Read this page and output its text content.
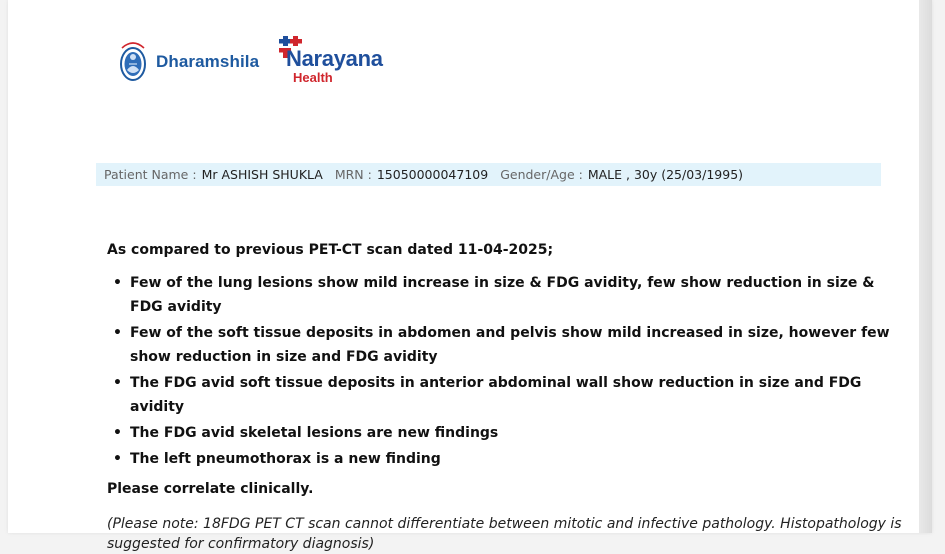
Dharamshila Narayana
Health
Patient Name : Mr ASHISH SHUKLA MRN : 15050000047109 Gender/Age : MALE , 30y (25/03/1995)
As compared to previous PET-CT scan dated 11-04-2025;
• Few of the lung lesions show mild increase in size & FDG avidity, few show reduction in size & FDG avidity
• Few of the soft tissue deposits in abdomen and pelvis show mild increased in size, however few show reduction in size and FDG avidity
• The FDG avid soft tissue deposits in anterior abdominal wall show reduction in size and FDG avidity
• The FDG avid skeletal lesions are new findings
• The left pneumothorax is a new finding
Please correlate clinically.
(Please note: 18FDG PET CT scan cannot differentiate between mitotic and infective pathology. Histopathology is suggested for confirmatory diagnosis)
